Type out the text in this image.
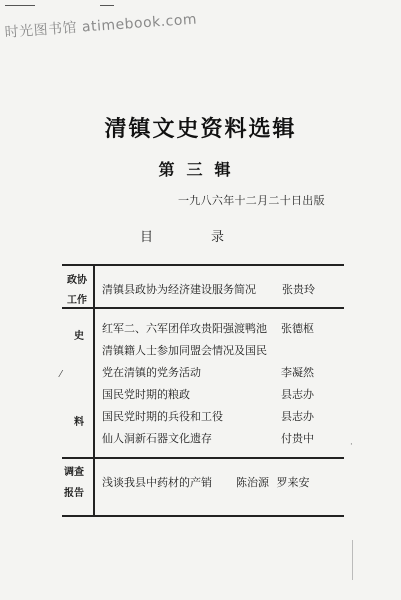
时光图书馆 atimebook.com
清镇文史资料选辑
第三辑
一九八六年十二月二十日出版
目	录
政协
工作
清镇县政协为经济建设服务简况 张贵玲
史
料
⁄
红军二、六军团佯攻贵阳强渡鸭池 张德枢
清镇籍人士参加同盟会情况及国民
党在清镇的党务活动	李凝然
国民党时期的粮政	县志办
国民党时期的兵役和工役	县志办
仙人洞新石器文化遗存	付贵中
调查
报告
浅谈我县中药材的产销 陈治源 罗来安
·
